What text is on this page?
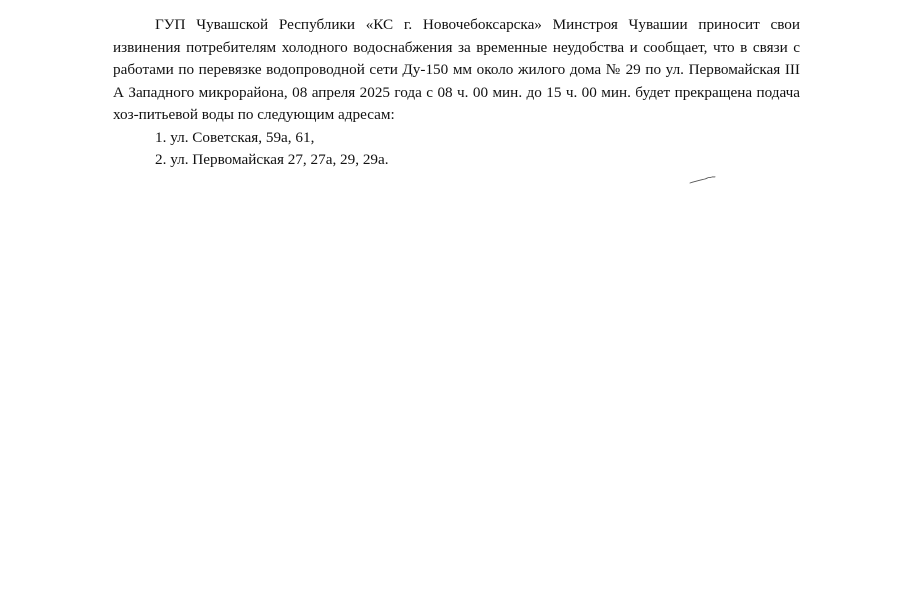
ГУП Чувашской Республики «КС г. Новочебоксарска» Минстроя Чувашии приносит свои извинения потребителям холодного водоснабжения за временные неудобства и сообщает, что в связи с работами по перевязке водопроводной сети Ду-150 мм около жилого дома № 29 по ул. Первомайская III А Западного микрорайона, 08 апреля 2025 года с 08 ч. 00 мин. до 15 ч. 00 мин. будет прекращена подача хоз-питьевой воды по следующим адресам:

1. ул. Советская, 59а, 61,
2. ул. Первомайская 27, 27а, 29, 29а.
